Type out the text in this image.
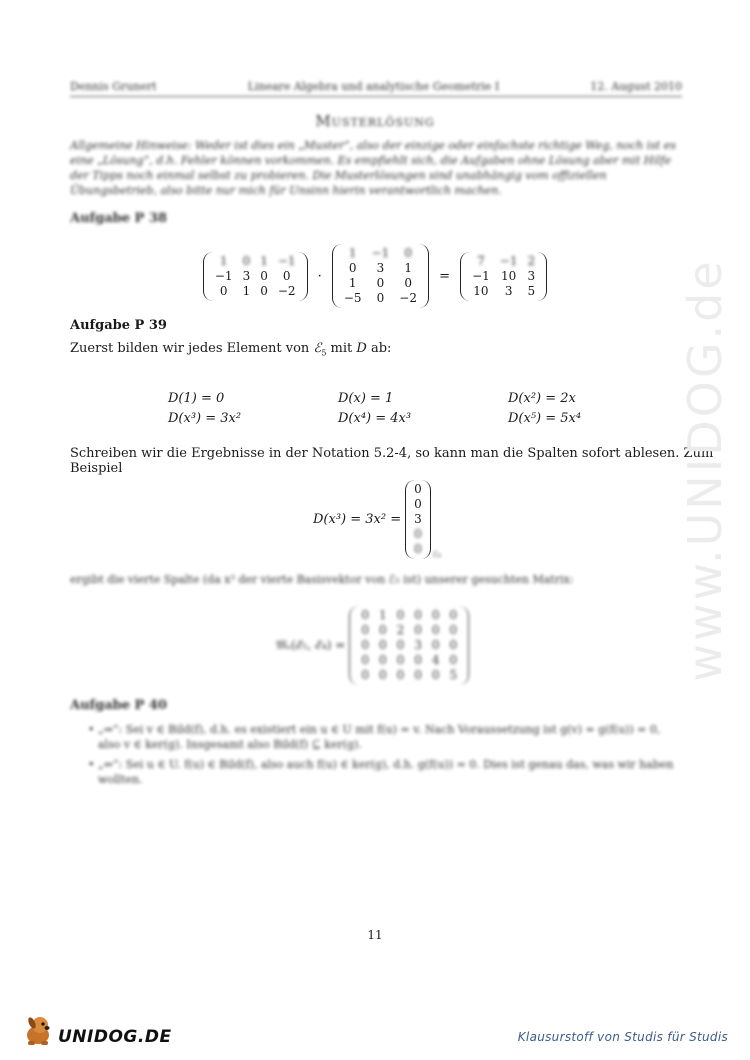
Dennis Grunert	Lineare Algebra und analytische Geometrie I	12. August 2010
Musterlösung
Allgemeine Hinweise: Weder ist dies ein „Muster“, also der einzige oder einfachste richtige Weg, noch ist es eine „Lösung“, d.h. Fehler können vorkommen. Es empfiehlt sich, die Aufgaben ohne Lösung aber mit Hilfe der Tipps noch einmal selbst zu probieren. Die Musterlösungen sind unabhängig vom offiziellen Übungsbetrieb, also bitte nur mich für Unsinn hierin verantwortlich machen.
Aufgabe P 38
1	0	1	−1
−1	3	0	0
0	1	0	−2
·
1	−1	0
0	3	1
1	0	0
−5	0	−2
=
7	−1	2
−1	10	3
10	3	5
Aufgabe P 39
Zuerst bilden wir jedes Element von ℰ$_5$ mit D ab:
D(1) = 0	D(x) = 1	D(x²) = 2x
D(x³) = 3x²	D(x⁴) = 4x³	D(x⁵) = 5x⁴
Schreiben wir die Ergebnisse in der Notation 5.2-4, so kann man die Spalten sofort ablesen. Zum Beispiel
D(x³) = 3x² =
0
0
3
0
0 ℰ₄
ergibt die vierte Spalte (da x³ der vierte Basisvektor von ℰ₅ ist) unserer gesuchten Matrix:
𝔐ₛ(ℰ₅, ℰ₄) =
0	1	0	0	0	0
0	0	2	0	0	0
0	0	0	3	0	0
0	0	0	0	4	0
0	0	0	0	0	5
Aufgabe P 40
• „⇒“: Sei v ∈ Bild(f), d.h. es existiert ein u ∈ U mit f(u) = v. Nach Voraussetzung ist g(v) = g(f(u)) = 0, also v ∈ ker(g). Insgesamt also Bild(f) ⊆ ker(g).
• „⇐“: Sei u ∈ U. f(u) ∈ Bild(f), also auch f(u) ∈ ker(g), d.h. g(f(u)) = 0. Dies ist genau das, was wir haben wollten.
11
www.UNIDOG.de
UNIDOG.DE	Klausurstoff von Studis für Studis
